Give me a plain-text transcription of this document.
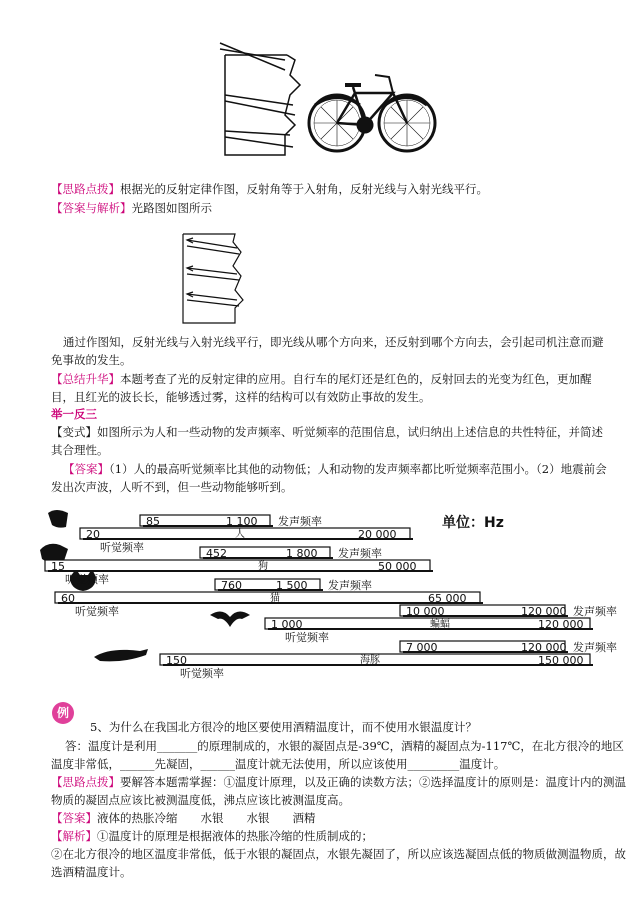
【思路点拨】根据光的反射定律作图，反射角等于入射角，反射光线与入射光线平行。
【答案与解析】光路图如图所示
通过作图知，反射光线与入射光线平行，即光线从哪个方向来，还反射到哪个方向去，会引起司机注意而避免事故的发生。
【总结升华】本题考查了光的反射定律的应用。自行车的尾灯还是红色的，反射回去的光变为红色，更加醒目，且红光的波长长，能够透过雾，这样的结构可以有效防止事故的发生。
举一反三
【变式】如图所示为人和一些动物的发声频率、听觉频率的范围信息，试归纳出上述信息的共性特征，并简述其合理性。
【答案】（1）人的最高听觉频率比其他的动物低；人和动物的发声频率都比听觉频率范围小。（2）地震前会发出次声波，人听不到，但一些动物能够听到。
单位：Hz
85	1 100 发声频率
20	20 000
人
听觉频率	452	1 800 发声频率
15	50 000
狗
听觉频率	760	1 500 发声频率
60	65 000
猫
听觉频率	10 000	120 000 发声频率
1 000	120 000
蝙蝠
听觉频率
7 000	120 000 发声频率
150	150 000
海豚
听觉频率
例
5、为什么在我国北方很冷的地区要使用酒精温度计，而不使用水银温度计？
答：温度计是利用_______的原理制成的，水银的凝固点是-39℃，酒精的凝固点为-117℃，在北方很冷的地区
温度非常低，______先凝固，______温度计就无法使用，所以应该使用_________温度计。
【思路点拨】要解答本题需掌握：①温度计原理，以及正确的读数方法；②选择温度计的原则是：温度计内的测温
物质的凝固点应该比被测温度低，沸点应该比被测温度高。
【答案】液体的热胀冷缩　　水银　　水银　　酒精
【解析】①温度计的原理是根据液体的热胀冷缩的性质制成的；
②在北方很冷的地区温度非常低，低于水银的凝固点，水银先凝固了，所以应该选凝固点低的物质做测温物质，故
选酒精温度计。
